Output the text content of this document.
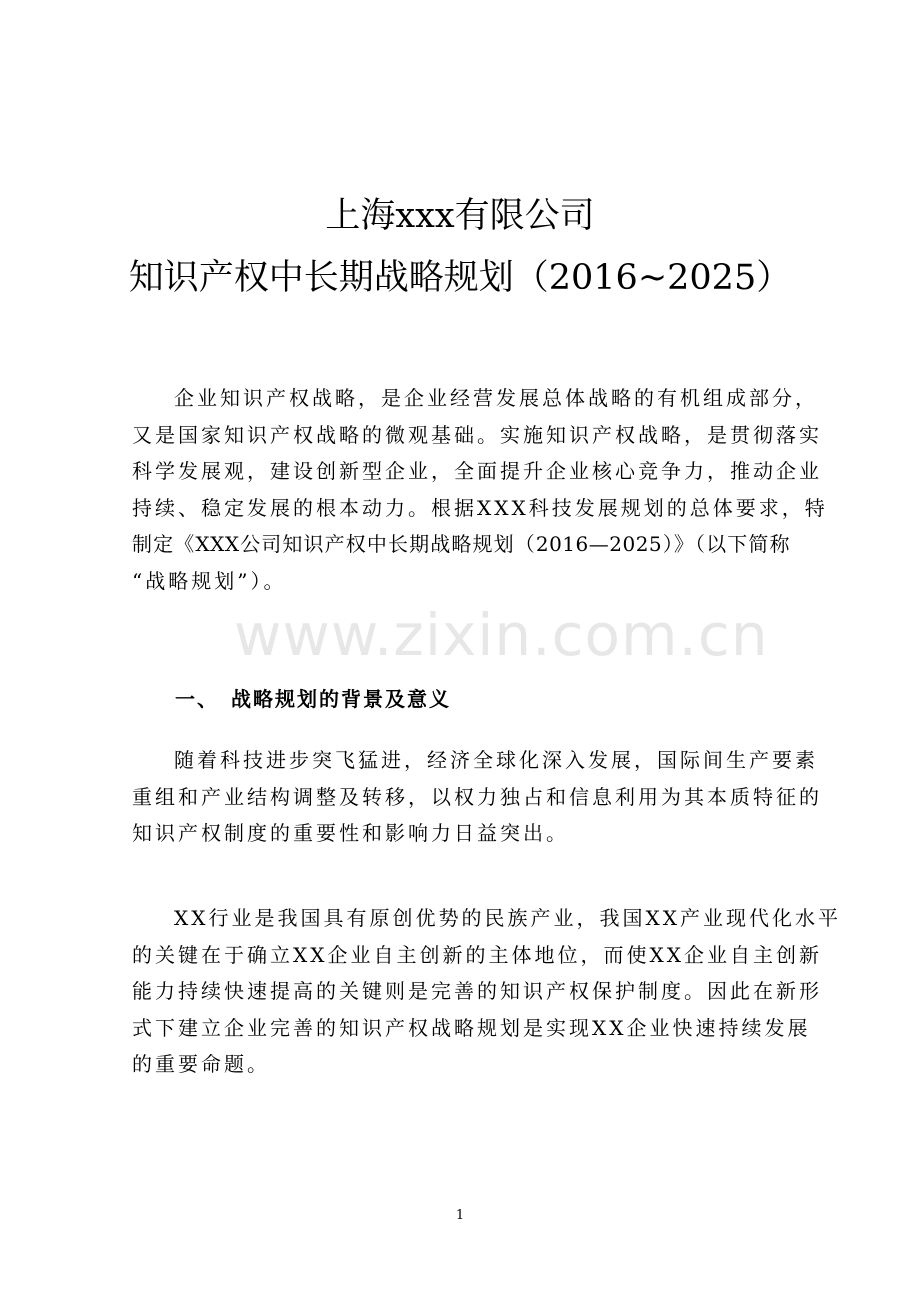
上海xxx有限公司
知识产权中长期战略规划（2016~2025）
企业知识产权战略，是企业经营发展总体战略的有机组成部分，
又是国家知识产权战略的微观基础。实施知识产权战略，是贯彻落实
科学发展观，建设创新型企业，全面提升企业核心竞争力，推动企业
持续、稳定发展的根本动力。根据XXX科技发展规划的总体要求，特
制定《XXX公司知识产权中长期战略规划（2016—2025）》（以下简称
“战略规划”）。
www.zixin.com.cn
一、 战略规划的背景及意义
随着科技进步突飞猛进，经济全球化深入发展，国际间生产要素
重组和产业结构调整及转移，以权力独占和信息利用为其本质特征的
知识产权制度的重要性和影响力日益突出。
XX行业是我国具有原创优势的民族产业，我国XX产业现代化水平
的关键在于确立XX企业自主创新的主体地位，而使XX企业自主创新
能力持续快速提高的关键则是完善的知识产权保护制度。因此在新形
式下建立企业完善的知识产权战略规划是实现XX企业快速持续发展
的重要命题。
1
